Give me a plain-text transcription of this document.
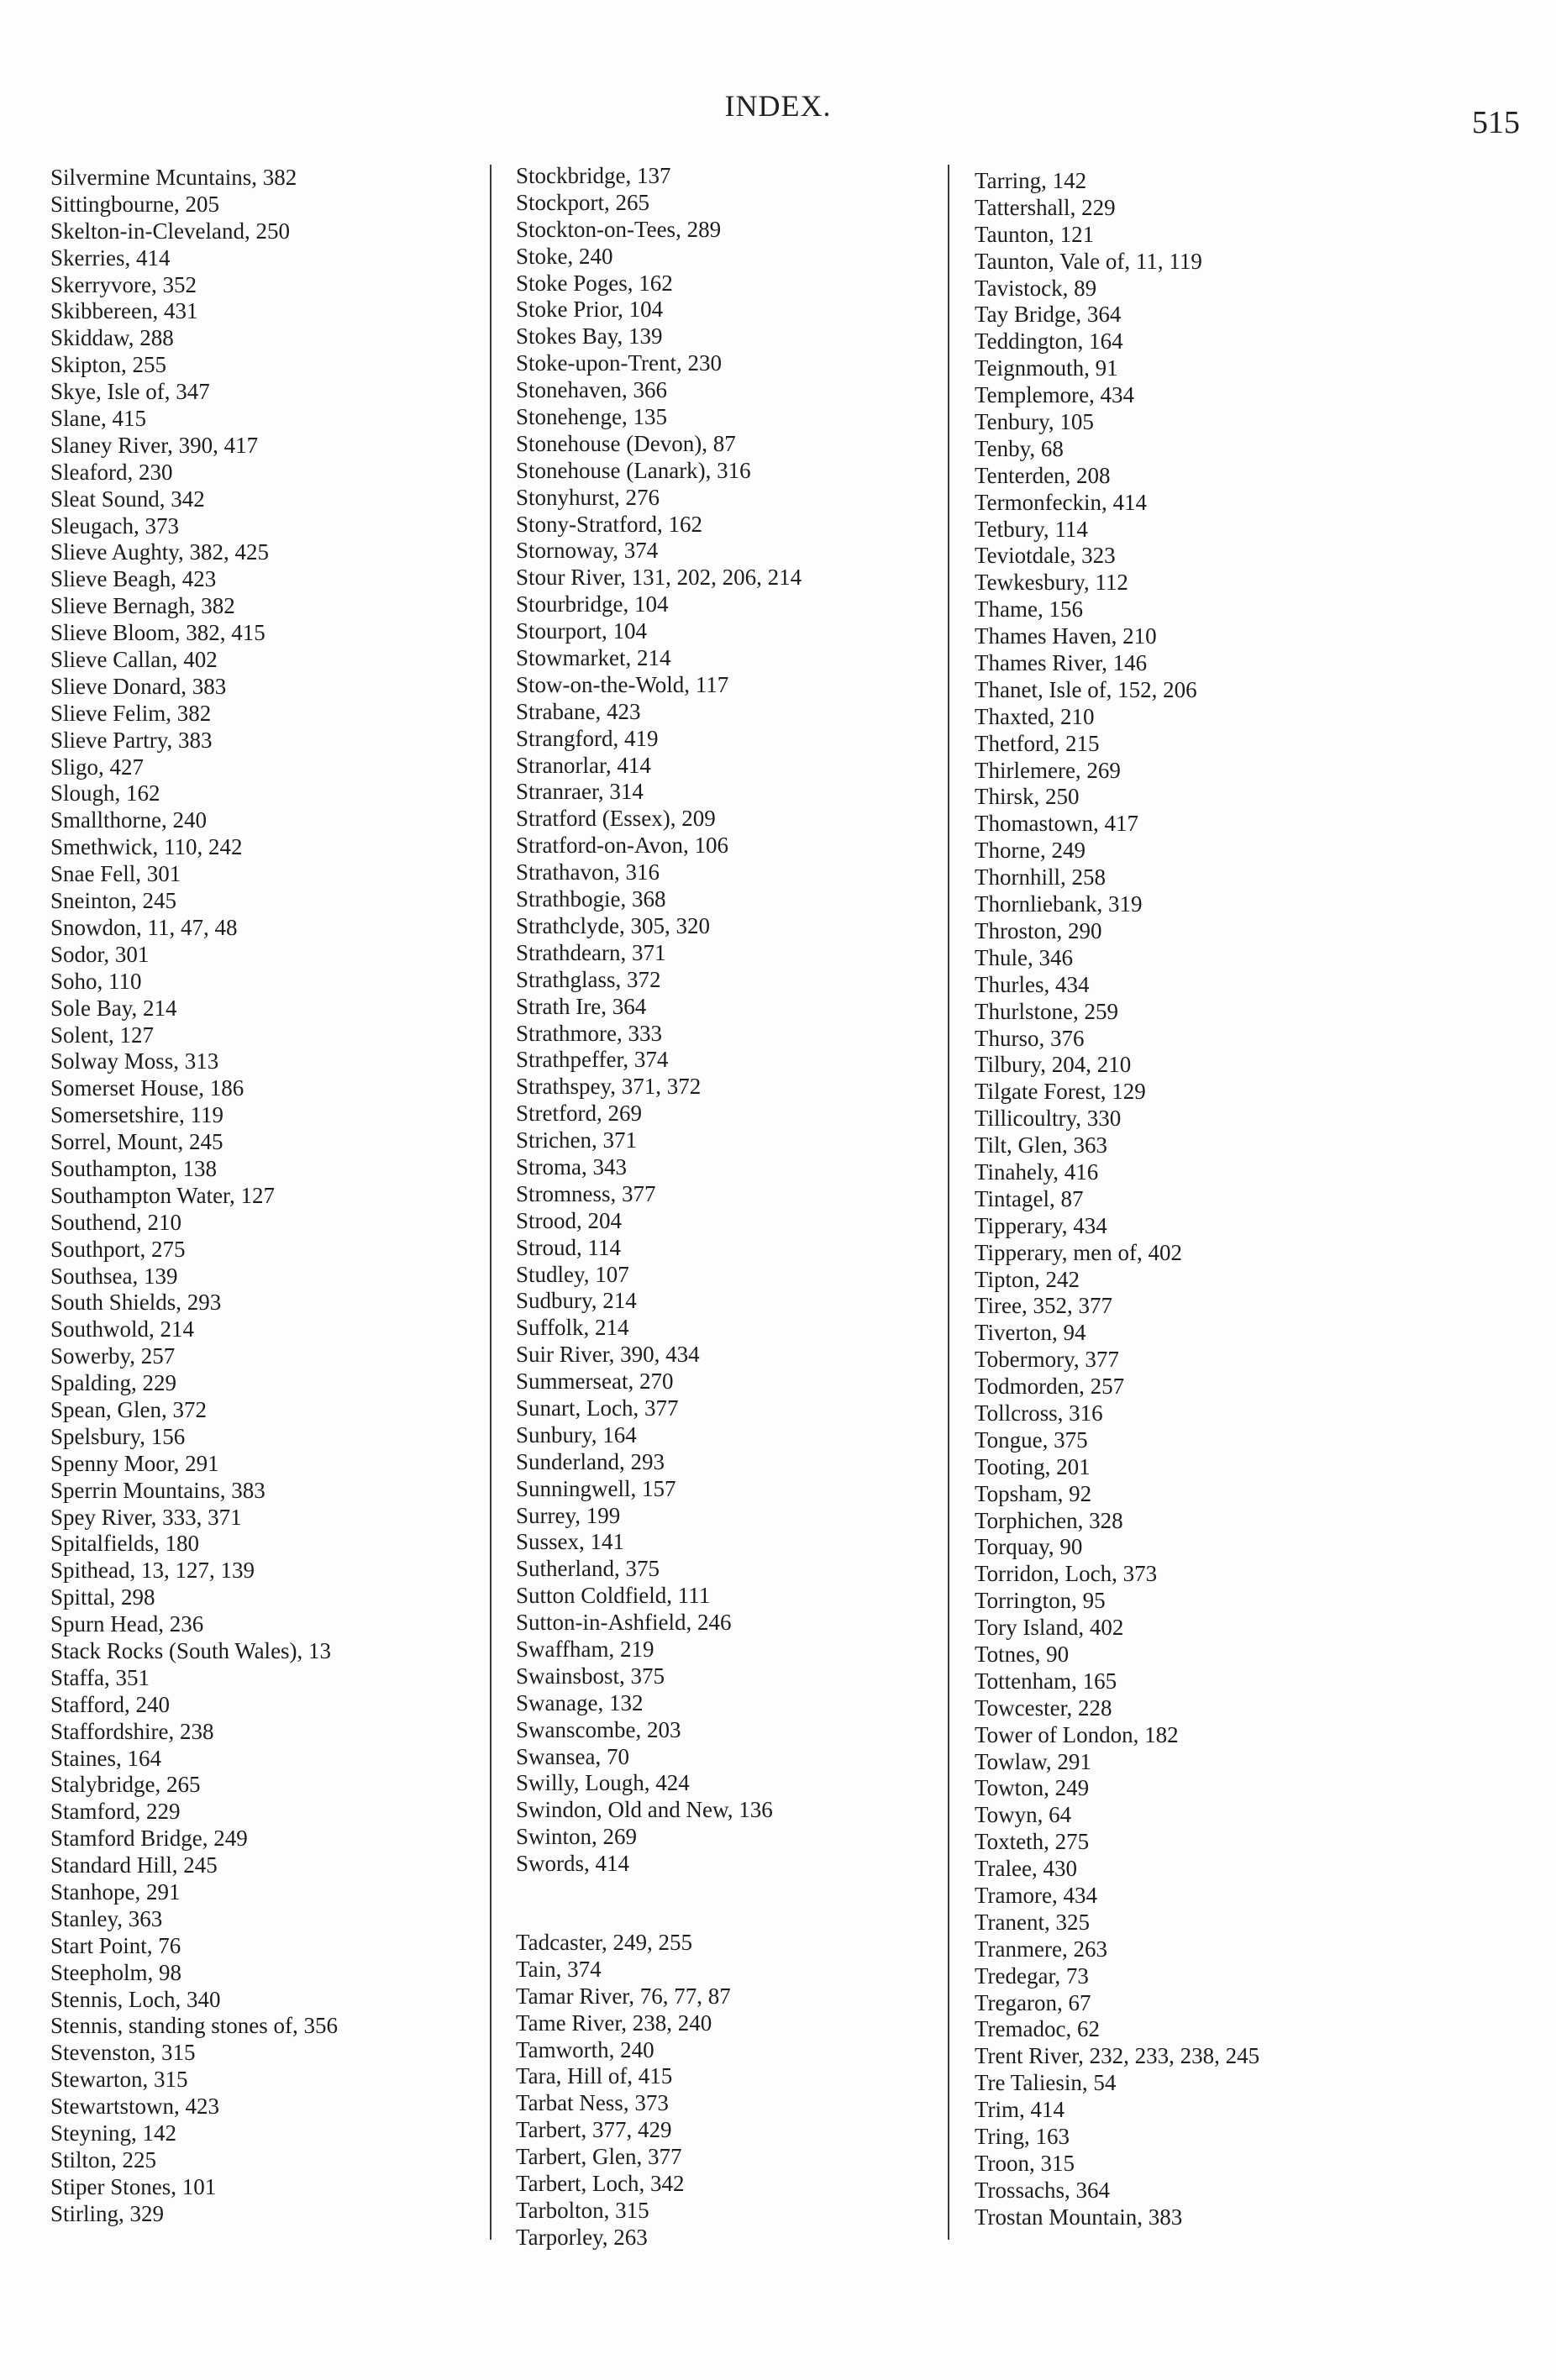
INDEX.	515
Silvermine Mcuntains, 382
Sittingbourne, 205
Skelton-in-Cleveland, 250
Skerries, 414
Skerryvore, 352
Skibbereen, 431
Skiddaw, 288
Skipton, 255
Skye, Isle of, 347
Slane, 415
Slaney River, 390, 417
Sleaford, 230
Sleat Sound, 342
Sleugach, 373
Slieve Aughty, 382, 425
Slieve Beagh, 423
Slieve Bernagh, 382
Slieve Bloom, 382, 415
Slieve Callan, 402
Slieve Donard, 383
Slieve Felim, 382
Slieve Partry, 383
Sligo, 427
Slough, 162
Smallthorne, 240
Smethwick, 110, 242
Snae Fell, 301
Sneinton, 245
Snowdon, 11, 47, 48
Sodor, 301
Soho, 110
Sole Bay, 214
Solent, 127
Solway Moss, 313
Somerset House, 186
Somersetshire, 119
Sorrel, Mount, 245
Southampton, 138
Southampton Water, 127
Southend, 210
Southport, 275
Southsea, 139
South Shields, 293
Southwold, 214
Sowerby, 257
Spalding, 229
Spean, Glen, 372
Spelsbury, 156
Spenny Moor, 291
Sperrin Mountains, 383
Spey River, 333, 371
Spitalfields, 180
Spithead, 13, 127, 139
Spittal, 298
Spurn Head, 236
Stack Rocks (South Wales), 13
Staffa, 351
Stafford, 240
Staffordshire, 238
Staines, 164
Stalybridge, 265
Stamford, 229
Stamford Bridge, 249
Standard Hill, 245
Stanhope, 291
Stanley, 363
Start Point, 76
Steepholm, 98
Stennis, Loch, 340
Stennis, standing stones of, 356
Stevenston, 315
Stewarton, 315
Stewartstown, 423
Steyning, 142
Stilton, 225
Stiper Stones, 101
Stirling, 329
Stockbridge, 137
Stockport, 265
Stockton-on-Tees, 289
Stoke, 240
Stoke Poges, 162
Stoke Prior, 104
Stokes Bay, 139
Stoke-upon-Trent, 230
Stonehaven, 366
Stonehenge, 135
Stonehouse (Devon), 87
Stonehouse (Lanark), 316
Stonyhurst, 276
Stony-Stratford, 162
Stornoway, 374
Stour River, 131, 202, 206, 214
Stourbridge, 104
Stourport, 104
Stowmarket, 214
Stow-on-the-Wold, 117
Strabane, 423
Strangford, 419
Stranorlar, 414
Stranraer, 314
Stratford (Essex), 209
Stratford-on-Avon, 106
Strathavon, 316
Strathbogie, 368
Strathclyde, 305, 320
Strathdearn, 371
Strathglass, 372
Strath Ire, 364
Strathmore, 333
Strathpeffer, 374
Strathspey, 371, 372
Stretford, 269
Strichen, 371
Stroma, 343
Stromness, 377
Strood, 204
Stroud, 114
Studley, 107
Sudbury, 214
Suffolk, 214
Suir River, 390, 434
Summerseat, 270
Sunart, Loch, 377
Sunbury, 164
Sunderland, 293
Sunningwell, 157
Surrey, 199
Sussex, 141
Sutherland, 375
Sutton Coldfield, 111
Sutton-in-Ashfield, 246
Swaffham, 219
Swainsbost, 375
Swanage, 132
Swanscombe, 203
Swansea, 70
Swilly, Lough, 424
Swindon, Old and New, 136
Swinton, 269
Swords, 414
Tadcaster, 249, 255
Tain, 374
Tamar River, 76, 77, 87
Tame River, 238, 240
Tamworth, 240
Tara, Hill of, 415
Tarbat Ness, 373
Tarbert, 377, 429
Tarbert, Glen, 377
Tarbert, Loch, 342
Tarbolton, 315
Tarporley, 263
Tarring, 142
Tattershall, 229
Taunton, 121
Taunton, Vale of, 11, 119
Tavistock, 89
Tay Bridge, 364
Teddington, 164
Teignmouth, 91
Templemore, 434
Tenbury, 105
Tenby, 68
Tenterden, 208
Termonfeckin, 414
Tetbury, 114
Teviotdale, 323
Tewkesbury, 112
Thame, 156
Thames Haven, 210
Thames River, 146
Thanet, Isle of, 152, 206
Thaxted, 210
Thetford, 215
Thirlemere, 269
Thirsk, 250
Thomastown, 417
Thorne, 249
Thornhill, 258
Thornliebank, 319
Throston, 290
Thule, 346
Thurles, 434
Thurlstone, 259
Thurso, 376
Tilbury, 204, 210
Tilgate Forest, 129
Tillicoultry, 330
Tilt, Glen, 363
Tinahely, 416
Tintagel, 87
Tipperary, 434
Tipperary, men of, 402
Tipton, 242
Tiree, 352, 377
Tiverton, 94
Tobermory, 377
Todmorden, 257
Tollcross, 316
Tongue, 375
Tooting, 201
Topsham, 92
Torphichen, 328
Torquay, 90
Torridon, Loch, 373
Torrington, 95
Tory Island, 402
Totnes, 90
Tottenham, 165
Towcester, 228
Tower of London, 182
Towlaw, 291
Towton, 249
Towyn, 64
Toxteth, 275
Tralee, 430
Tramore, 434
Tranent, 325
Tranmere, 263
Tredegar, 73
Tregaron, 67
Tremadoc, 62
Trent River, 232, 233, 238, 245
Tre Taliesin, 54
Trim, 414
Tring, 163
Troon, 315
Trossachs, 364
Trostan Mountain, 383
